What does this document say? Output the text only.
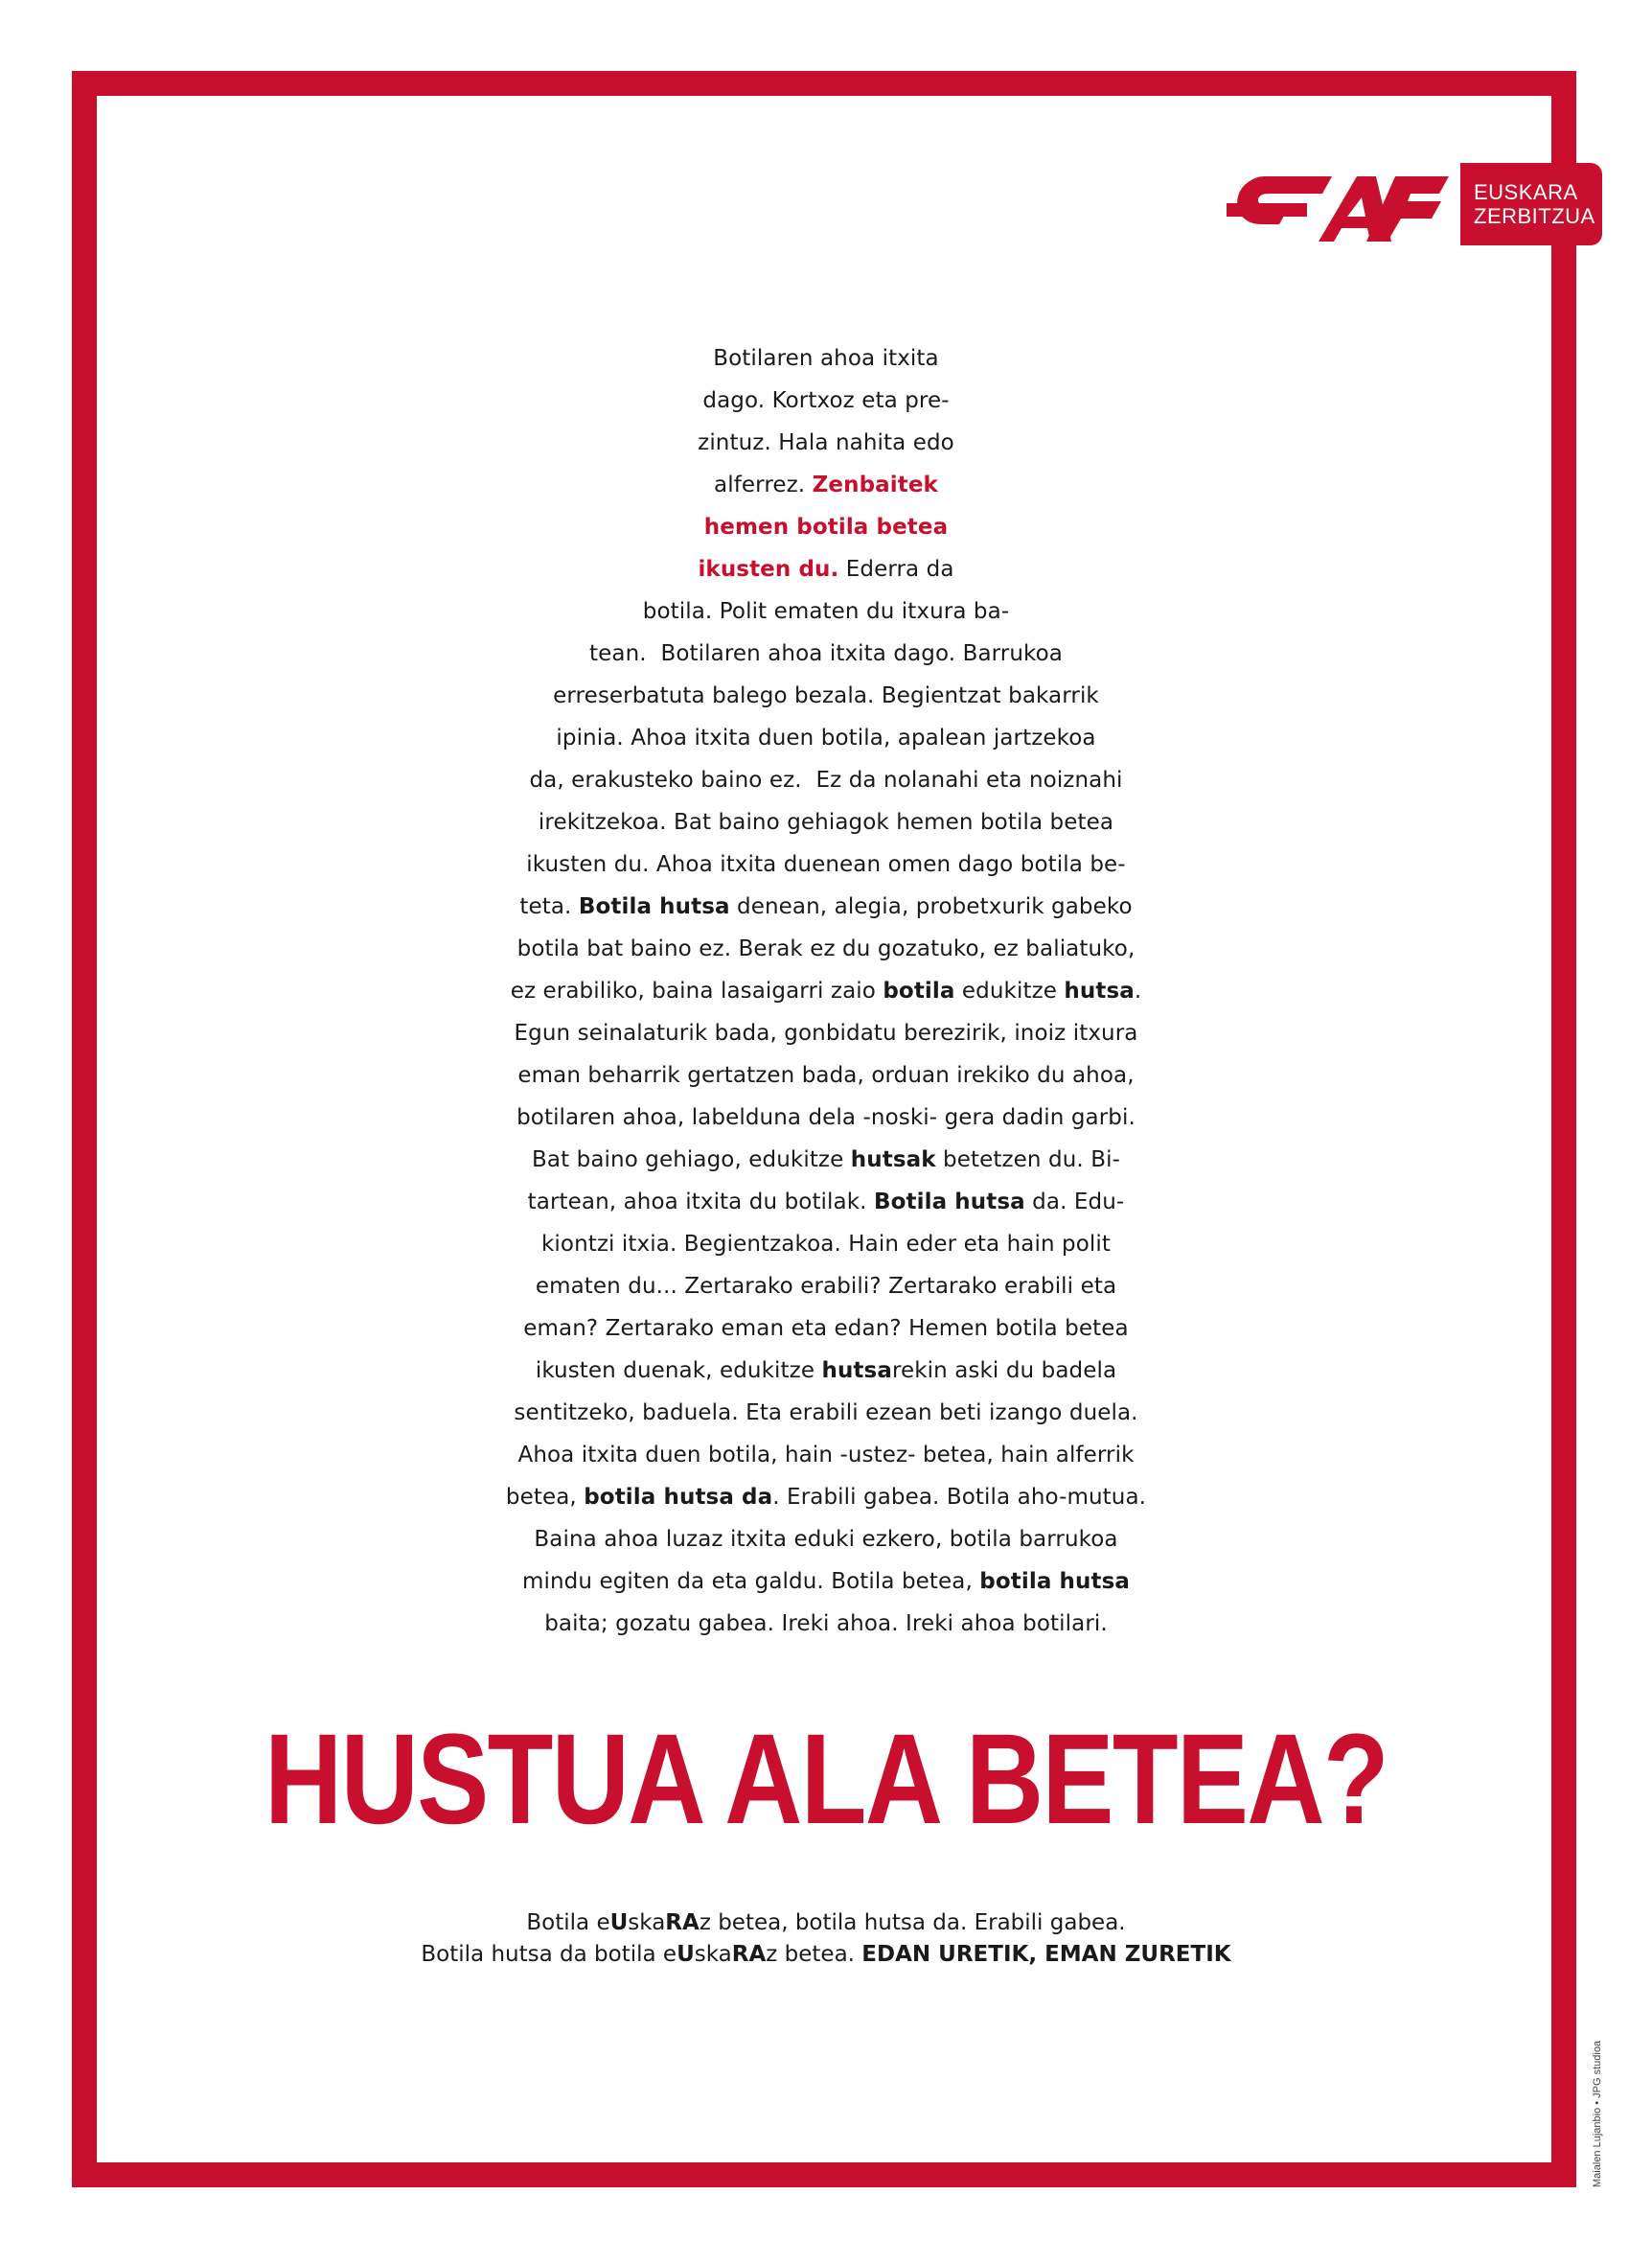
EUSKARA
ZERBITZUA
Botilaren ahoa itxita
dago. Kortxoz eta pre-
zintuz. Hala nahita edo
alferrez. Zenbaitek
hemen botila betea
ikusten du. Ederra da
botila. Polit ematen du itxura ba-
tean.  Botilaren ahoa itxita dago. Barrukoa
erreserbatuta balego bezala. Begientzat bakarrik
ipinia. Ahoa itxita duen botila, apalean jartzekoa
da, erakusteko baino ez.  Ez da nolanahi eta noiznahi
irekitzekoa. Bat baino gehiagok hemen botila betea
ikusten du. Ahoa itxita duenean omen dago botila be-
teta. Botila hutsa denean, alegia, probetxurik gabeko
botila bat baino ez. Berak ez du gozatuko, ez baliatuko,
ez erabiliko, baina lasaigarri zaio botila edukitze hutsa.
Egun seinalaturik bada, gonbidatu berezirik, inoiz itxura
eman beharrik gertatzen bada, orduan irekiko du ahoa,
botilaren ahoa, labelduna dela -noski- gera dadin garbi.
Bat baino gehiago, edukitze hutsak betetzen du. Bi-
tartean, ahoa itxita du botilak. Botila hutsa da. Edu-
kiontzi itxia. Begientzakoa. Hain eder eta hain polit
ematen du... Zertarako erabili? Zertarako erabili eta
eman? Zertarako eman eta edan? Hemen botila betea
ikusten duenak, edukitze hutsarekin aski du badela
sentitzeko, baduela. Eta erabili ezean beti izango duela.
Ahoa itxita duen botila, hain -ustez- betea, hain alferrik
betea, botila hutsa da. Erabili gabea. Botila aho-mutua.
Baina ahoa luzaz itxita eduki ezkero, botila barrukoa
mindu egiten da eta galdu. Botila betea, botila hutsa
baita; gozatu gabea. Ireki ahoa. Ireki ahoa botilari.
HUSTUA ALA BETEA?
Botila eUskaRAz betea, botila hutsa da. Erabili gabea.
Botila hutsa da botila eUskaRAz betea. EDAN URETIK, EMAN ZURETIK
Maialen Lujanbio • JPG studioa
